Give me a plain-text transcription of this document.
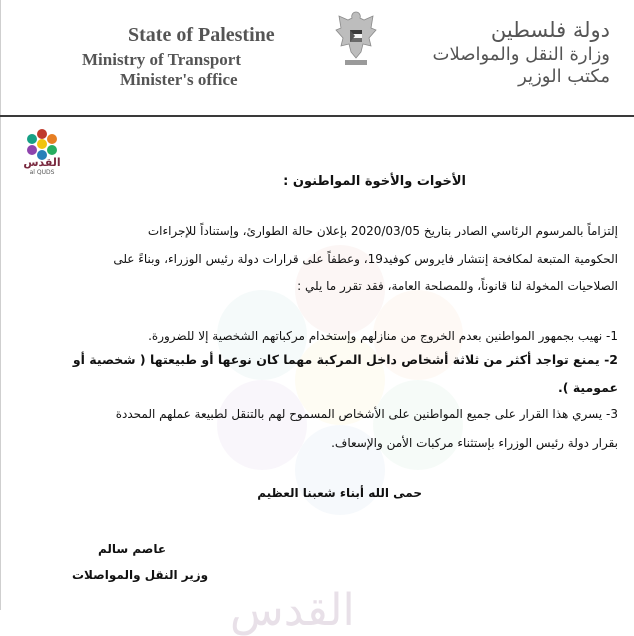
State of Palestine
Ministry of Transport
Minister's office
دولة فلسطين
وزارة النقل والمواصلات
مكتب الوزير
القدس
al QUDS
القدس
الأخوات والأخوة المواطنون :
إلتزاماً بالمرسوم الرئاسي الصادر بتاريخ 2020/03/05 بإعلان حالة الطوارئ، وإستناداً للإجراءات
الحكومية المتبعة لمكافحة إنتشار فايروس كوفيد19، وعطفاً على قرارات دولة رئيس الوزراء، وبناءً على
الصلاحيات المخولة لنا قانوناً، وللمصلحة العامة، فقد تقرر ما يلي :
1- نهيب بجمهور المواطنين بعدم الخروج من منازلهم وإستخدام مركباتهم الشخصية إلا للضرورة.
2- يمنع تواجد أكثر من ثلاثة أشخاص داخل المركبة مهما كان نوعها أو طبيعتها ( شخصية أو
عمومية ).
3- يسري هذا القرار على جميع المواطنين على الأشخاص المسموح لهم بالتنقل لطبيعة عملهم المحددة
بقرار دولة رئيس الوزراء بإستثناء مركبات الأمن والإسعاف.
حمى الله أبناء شعبنا العظيم
عاصم سالم
وزير النقل والمواصلات
